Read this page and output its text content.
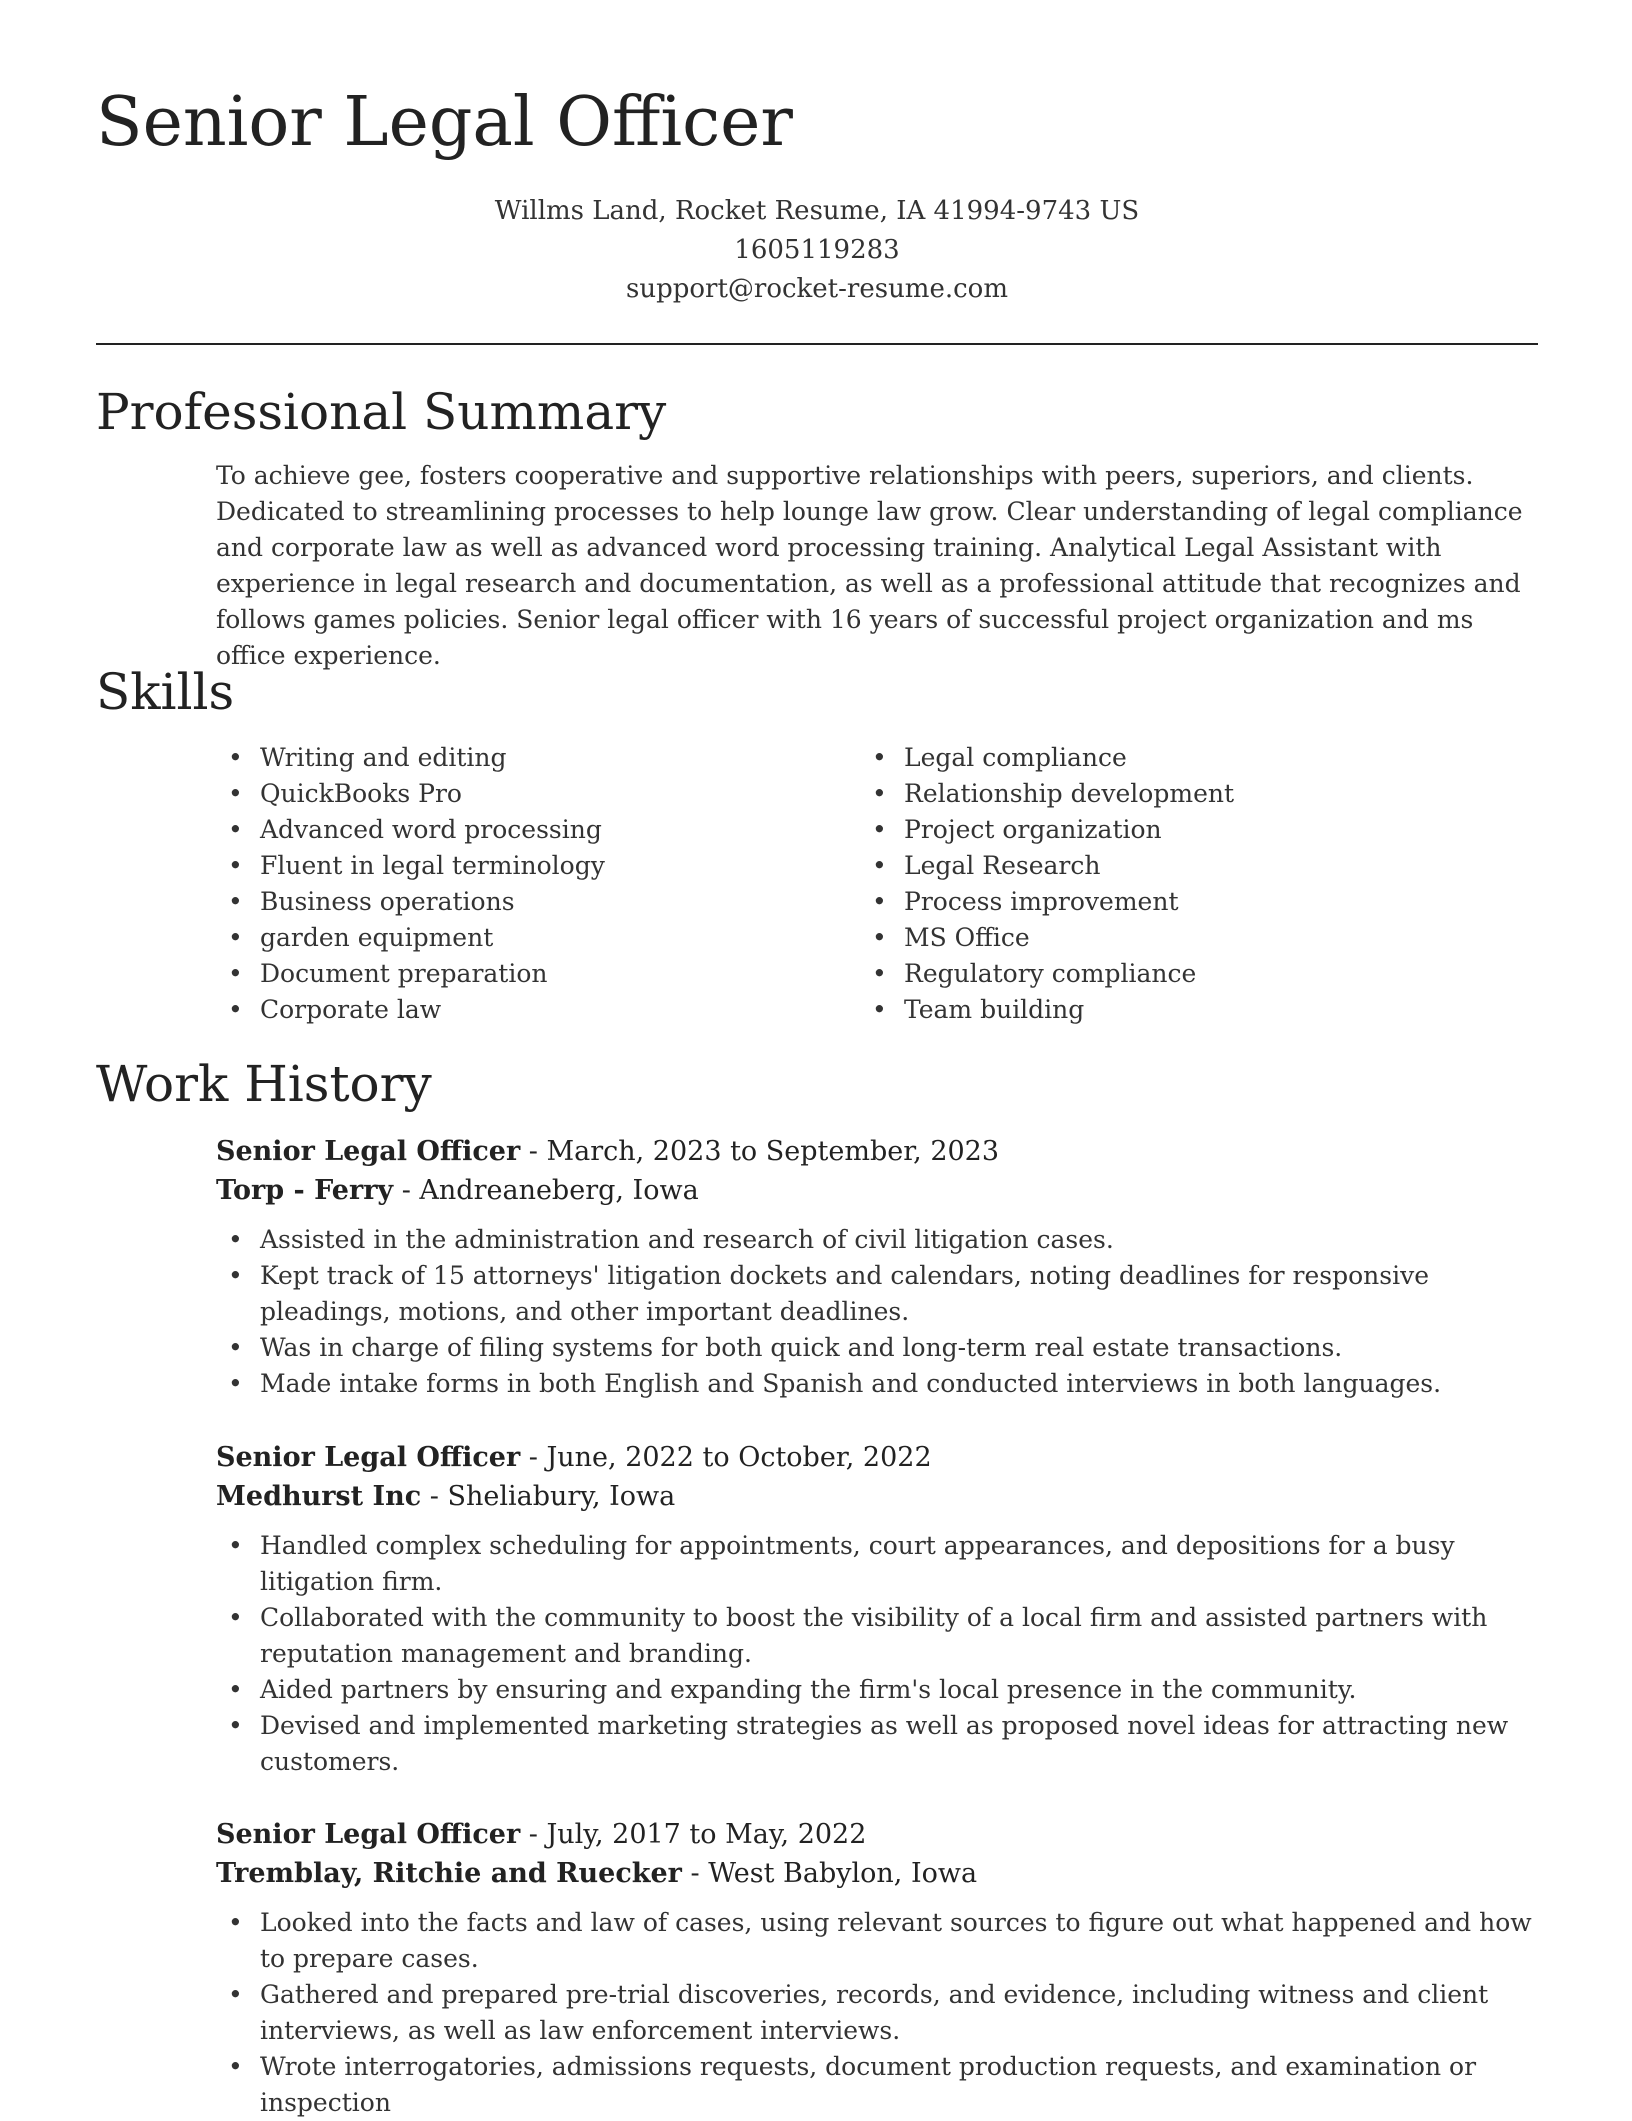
Senior Legal Officer
Willms Land, Rocket Resume, IA 41994-9743 US
1605119283
support@rocket-resume.com
Professional Summary

To achieve gee, fosters cooperative and supportive relationships with peers, superiors, and clients. Dedicated to streamlining processes to help lounge law grow. Clear understanding of legal compliance and corporate law as well as advanced word processing training. Analytical Legal Assistant with experience in legal research and documentation, as well as a professional attitude that recognizes and follows games policies. Senior legal officer with 16 years of successful project organization and ms office experience.

Skills
• Writing and editing
• QuickBooks Pro
• Advanced word processing
• Fluent in legal terminology
• Business operations
• garden equipment
• Document preparation
• Corporate law
• Legal compliance
• Relationship development
• Project organization
• Legal Research
• Process improvement
• MS Office
• Regulatory compliance
• Team building
Work History
Senior Legal Officer - March, 2023 to September, 2023
Torp - Ferry - Andreaneberg, Iowa
• Assisted in the administration and research of civil litigation cases.
• Kept track of 15 attorneys' litigation dockets and calendars, noting deadlines for responsive pleadings, motions, and other important deadlines.
• Was in charge of filing systems for both quick and long-term real estate transactions.
• Made intake forms in both English and Spanish and conducted interviews in both languages.
Senior Legal Officer - June, 2022 to October, 2022
Medhurst Inc - Sheliabury, Iowa
• Handled complex scheduling for appointments, court appearances, and depositions for a busy litigation firm.
• Collaborated with the community to boost the visibility of a local firm and assisted partners with reputation management and branding.
• Aided partners by ensuring and expanding the firm's local presence in the community.
• Devised and implemented marketing strategies as well as proposed novel ideas for attracting new customers.
Senior Legal Officer - July, 2017 to May, 2022
Tremblay, Ritchie and Ruecker - West Babylon, Iowa
• Looked into the facts and law of cases, using relevant sources to figure out what happened and how to prepare cases.
• Gathered and prepared pre-trial discoveries, records, and evidence, including witness and client interviews, as well as law enforcement interviews.
• Wrote interrogatories, admissions requests, document production requests, and examination or inspection
